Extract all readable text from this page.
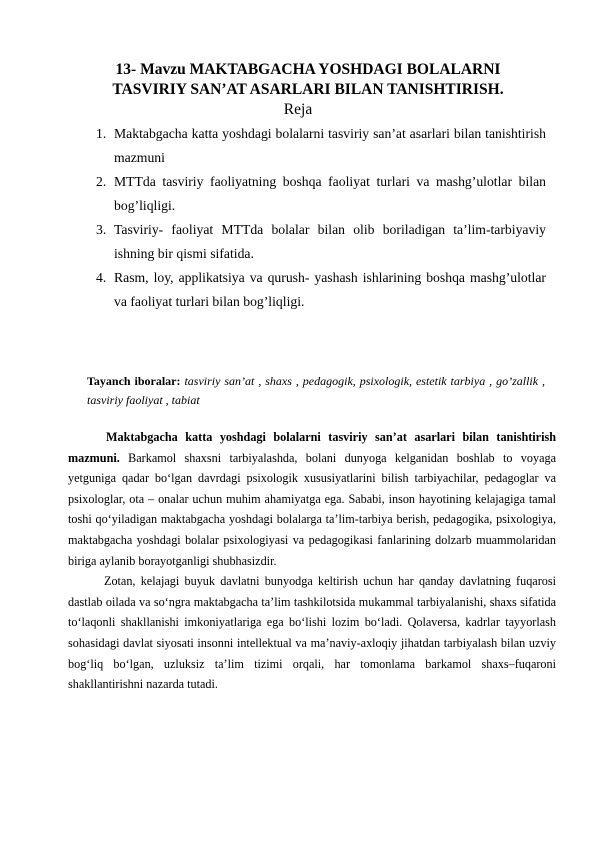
13- Mavzu MAKTABGACHA YOSHDAGI BOLALARNI
TASVIRIY SAN’AT ASARLARI BILAN TANISHTIRISH.
Reja
1. Maktabgacha katta yoshdagi bolalarni tasviriy san’at asarlari bilan tanishtirish mazmuni
2. MTTda tasviriy faoliyatning boshqa faoliyat turlari va mashg’ulotlar bilan bog’liqligi.
3. Tasviriy- faoliyat MTTda bolalar bilan olib boriladigan ta’lim-tarbiyaviy ishning bir qismi sifatida.
4. Rasm, loy, applikatsiya va qurush- yashash ishlarining boshqa mashg’ulotlar va faoliyat turlari bilan bog’liqligi.
Tayanch iboralar: tasviriy san’at , shaxs , pedagogik, psixologik, estetik tarbiya , go’zallik , tasviriy faoliyat , tabiat

Maktabgacha katta yoshdagi bolalarni tasviriy san’at asarlari bilan tanishtirish mazmuni. Barkamol shaxsni tarbiyalashda, bolani dunyoga kelganidan boshlab to voyaga yetguniga qadar bo‘lgan davrdagi psixologik xususiyatlarini bilish tarbiyachilar, pedagoglar va psixologlar, ota – onalar uchun muhim ahamiyatga ega. Sababi, inson hayotining kelajagiga tamal toshi qo‘yiladigan maktabgacha yoshdagi bolalarga ta’lim-tarbiya berish, pedagogika, psixologiya, maktabgacha yoshdagi bolalar psixologiyasi va pedagogikasi fanlarining dolzarb muammolaridan biriga aylanib borayotganligi shubhasizdir.

Zotan, kelajagi buyuk davlatni bunyodga keltirish uchun har qanday davlatning fuqarosi dastlab oilada va so‘ngra maktabgacha ta’lim tashkilotsida mukammal tarbiyalanishi, shaxs sifatida to‘laqonli shakllanishi imkoniyatlariga ega bo‘lishi lozim bo‘ladi. Qolaversa, kadrlar tayyorlash sohasidagi davlat siyosati insonni intellektual va ma’naviy-axloqiy jihatdan tarbiyalash bilan uzviy bog‘liq bo‘lgan, uzluksiz ta’lim tizimi orqali, har tomonlama barkamol shaxs–fuqaroni shakllantirishni nazarda tutadi.
